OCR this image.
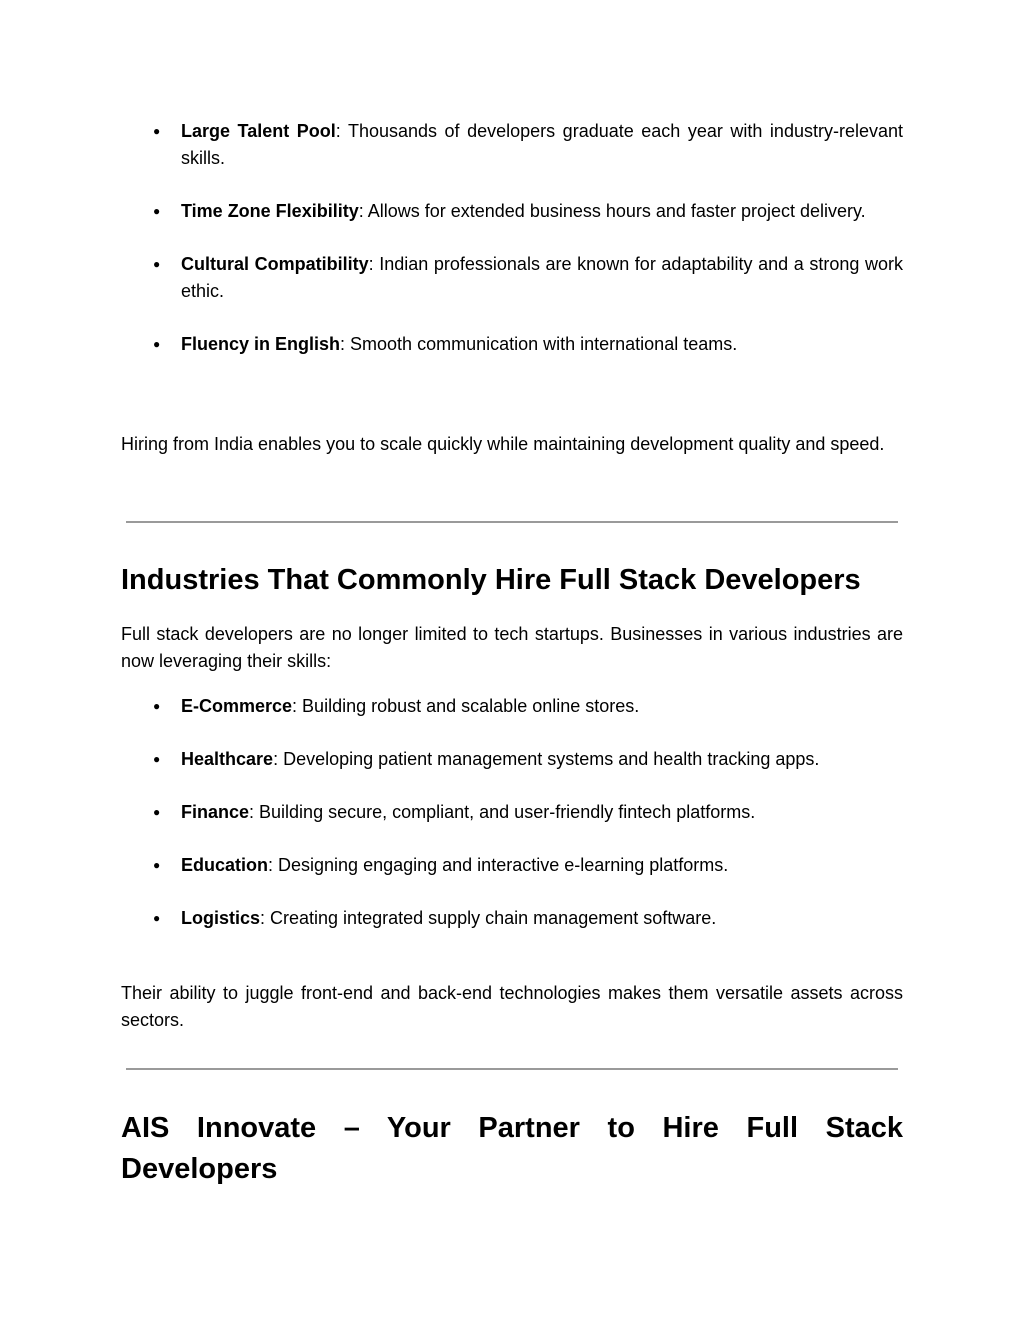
● Large Talent Pool: Thousands of developers graduate each year with industry-relevant skills.
● Time Zone Flexibility: Allows for extended business hours and faster project delivery.
● Cultural Compatibility: Indian professionals are known for adaptability and a strong work ethic.
● Fluency in English: Smooth communication with international teams.

Hiring from India enables you to scale quickly while maintaining development quality and speed.

Industries That Commonly Hire Full Stack Developers

Full stack developers are no longer limited to tech startups. Businesses in various industries are now leveraging their skills:

● E-Commerce: Building robust and scalable online stores.
● Healthcare: Developing patient management systems and health tracking apps.
● Finance: Building secure, compliant, and user-friendly fintech platforms.
● Education: Designing engaging and interactive e-learning platforms.
● Logistics: Creating integrated supply chain management software.

Their ability to juggle front-end and back-end technologies makes them versatile assets across sectors.

AIS Innovate – Your Partner to Hire Full Stack
Developers
